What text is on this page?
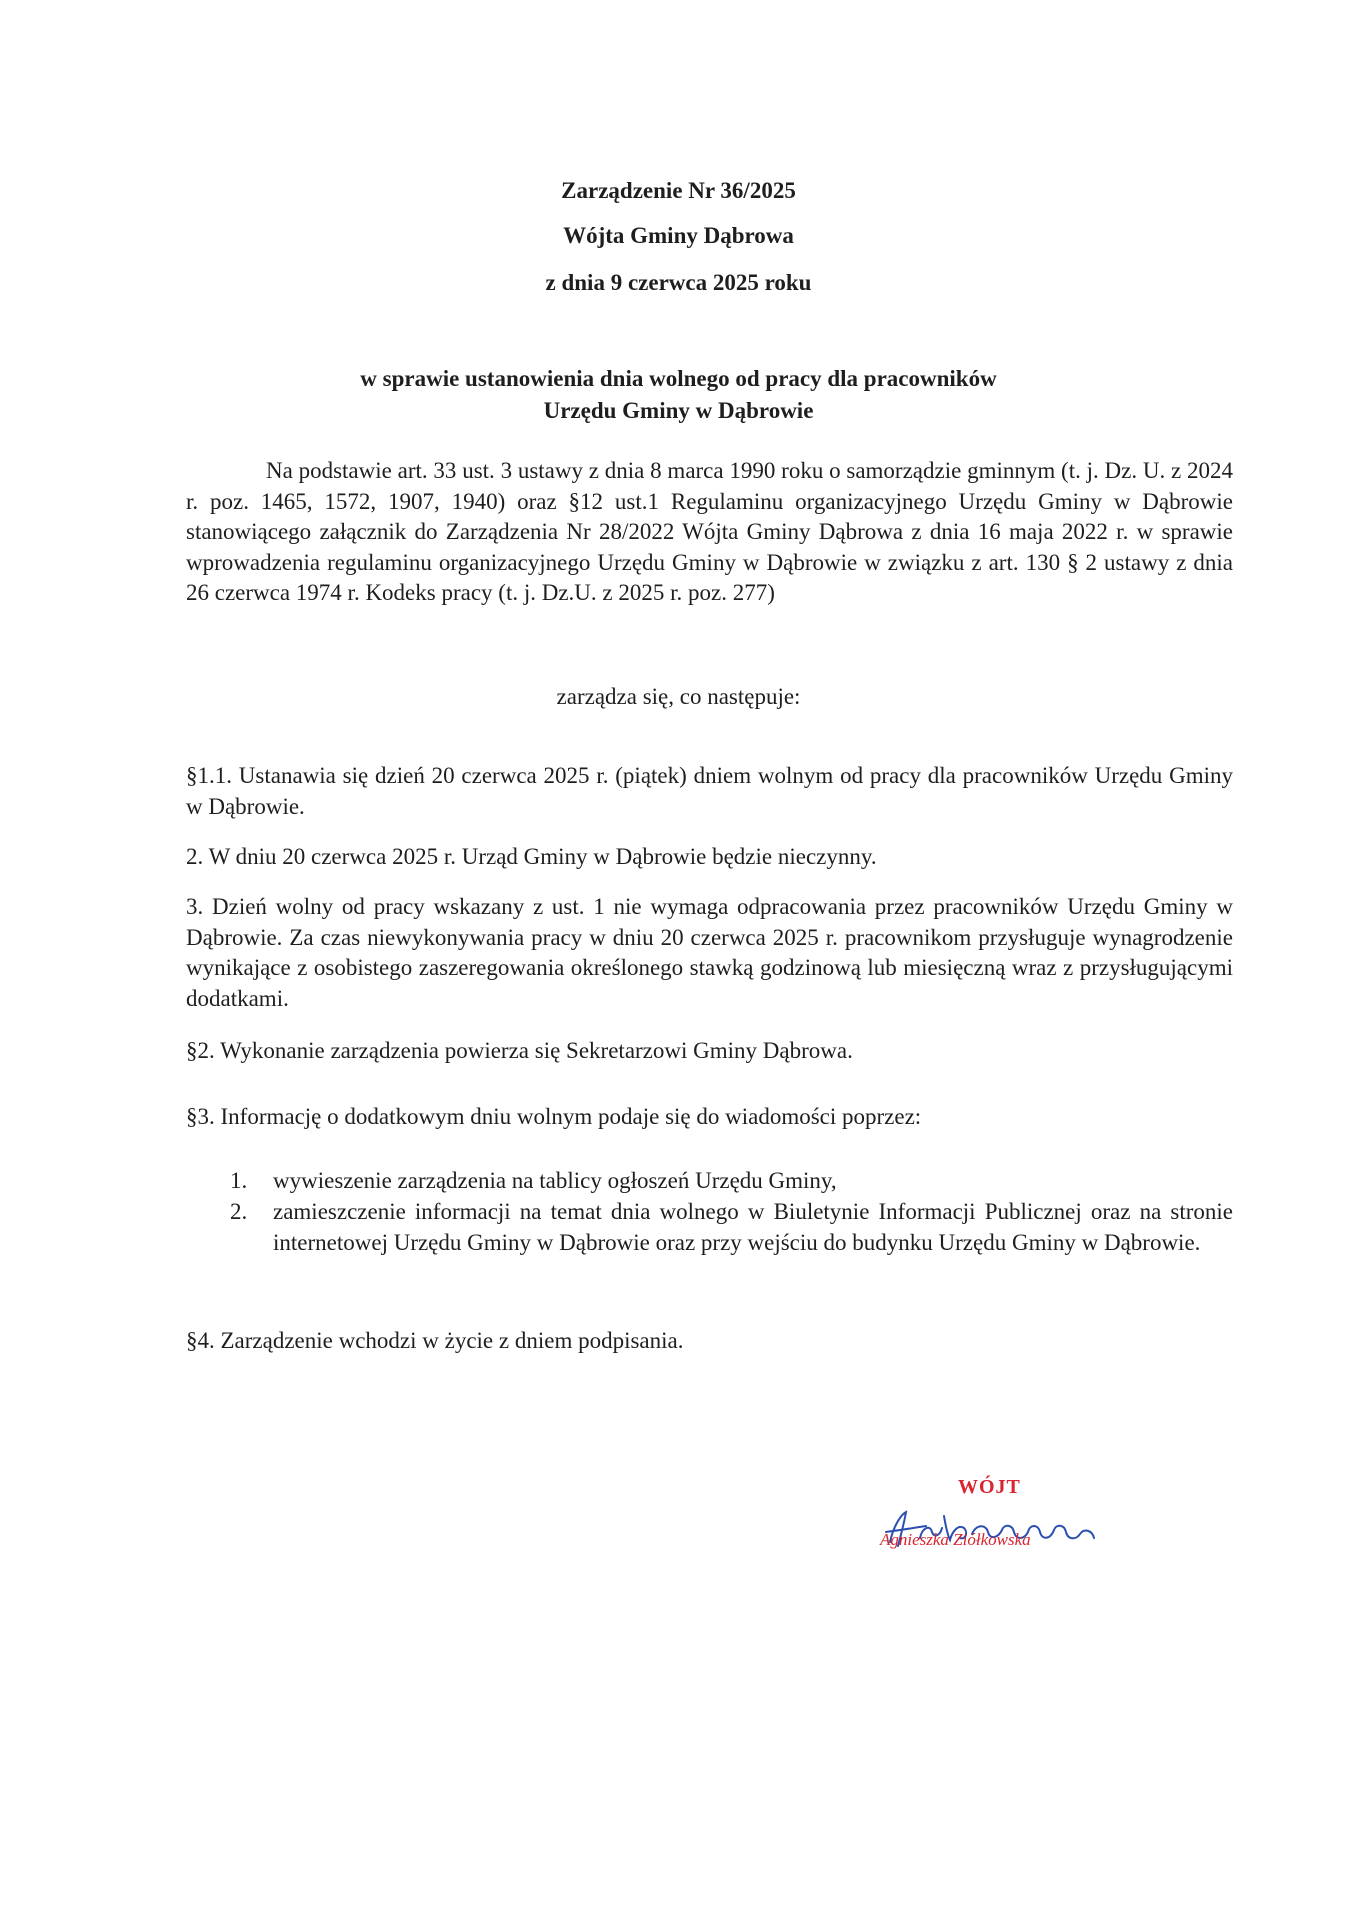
Zarządzenie Nr 36/2025
Wójta Gminy Dąbrowa
z dnia 9 czerwca 2025 roku
w sprawie ustanowienia dnia wolnego od pracy dla pracowników
Urzędu Gminy w Dąbrowie
Na podstawie art. 33 ust. 3 ustawy z dnia 8 marca 1990 roku o samorządzie gminnym (t. j. Dz. U. z 2024 r. poz. 1465, 1572, 1907, 1940) oraz §12 ust.1 Regulaminu organizacyjnego Urzędu Gminy w Dąbrowie stanowiącego załącznik do Zarządzenia Nr 28/2022 Wójta Gminy Dąbrowa z dnia 16 maja 2022 r. w sprawie wprowadzenia regulaminu organizacyjnego Urzędu Gminy w Dąbrowie w związku z art. 130 § 2 ustawy z dnia 26 czerwca 1974 r. Kodeks pracy (t. j. Dz.U. z 2025 r. poz. 277)
zarządza się, co następuje:
§1.1. Ustanawia się dzień 20 czerwca 2025 r. (piątek) dniem wolnym od pracy dla pracowników Urzędu Gminy w Dąbrowie.
2. W dniu 20 czerwca 2025 r. Urząd Gminy w Dąbrowie będzie nieczynny.
3. Dzień wolny od pracy wskazany z ust. 1 nie wymaga odpracowania przez pracowników Urzędu Gminy w Dąbrowie. Za czas niewykonywania pracy w dniu 20 czerwca 2025 r. pracownikom przysługuje wynagrodzenie wynikające z osobistego zaszeregowania określonego stawką godzinową lub miesięczną wraz z przysługującymi dodatkami.
§2. Wykonanie zarządzenia powierza się Sekretarzowi Gminy Dąbrowa.
§3. Informację o dodatkowym dniu wolnym podaje się do wiadomości poprzez:
1. wywieszenie zarządzenia na tablicy ogłoszeń Urzędu Gminy,
2. zamieszczenie informacji na temat dnia wolnego w Biuletynie Informacji Publicznej oraz na stronie internetowej Urzędu Gminy w Dąbrowie oraz przy wejściu do budynku Urzędu Gminy w Dąbrowie.
§4. Zarządzenie wchodzi w życie z dniem podpisania.
WÓJT
Agnieszka Ziółkowska
